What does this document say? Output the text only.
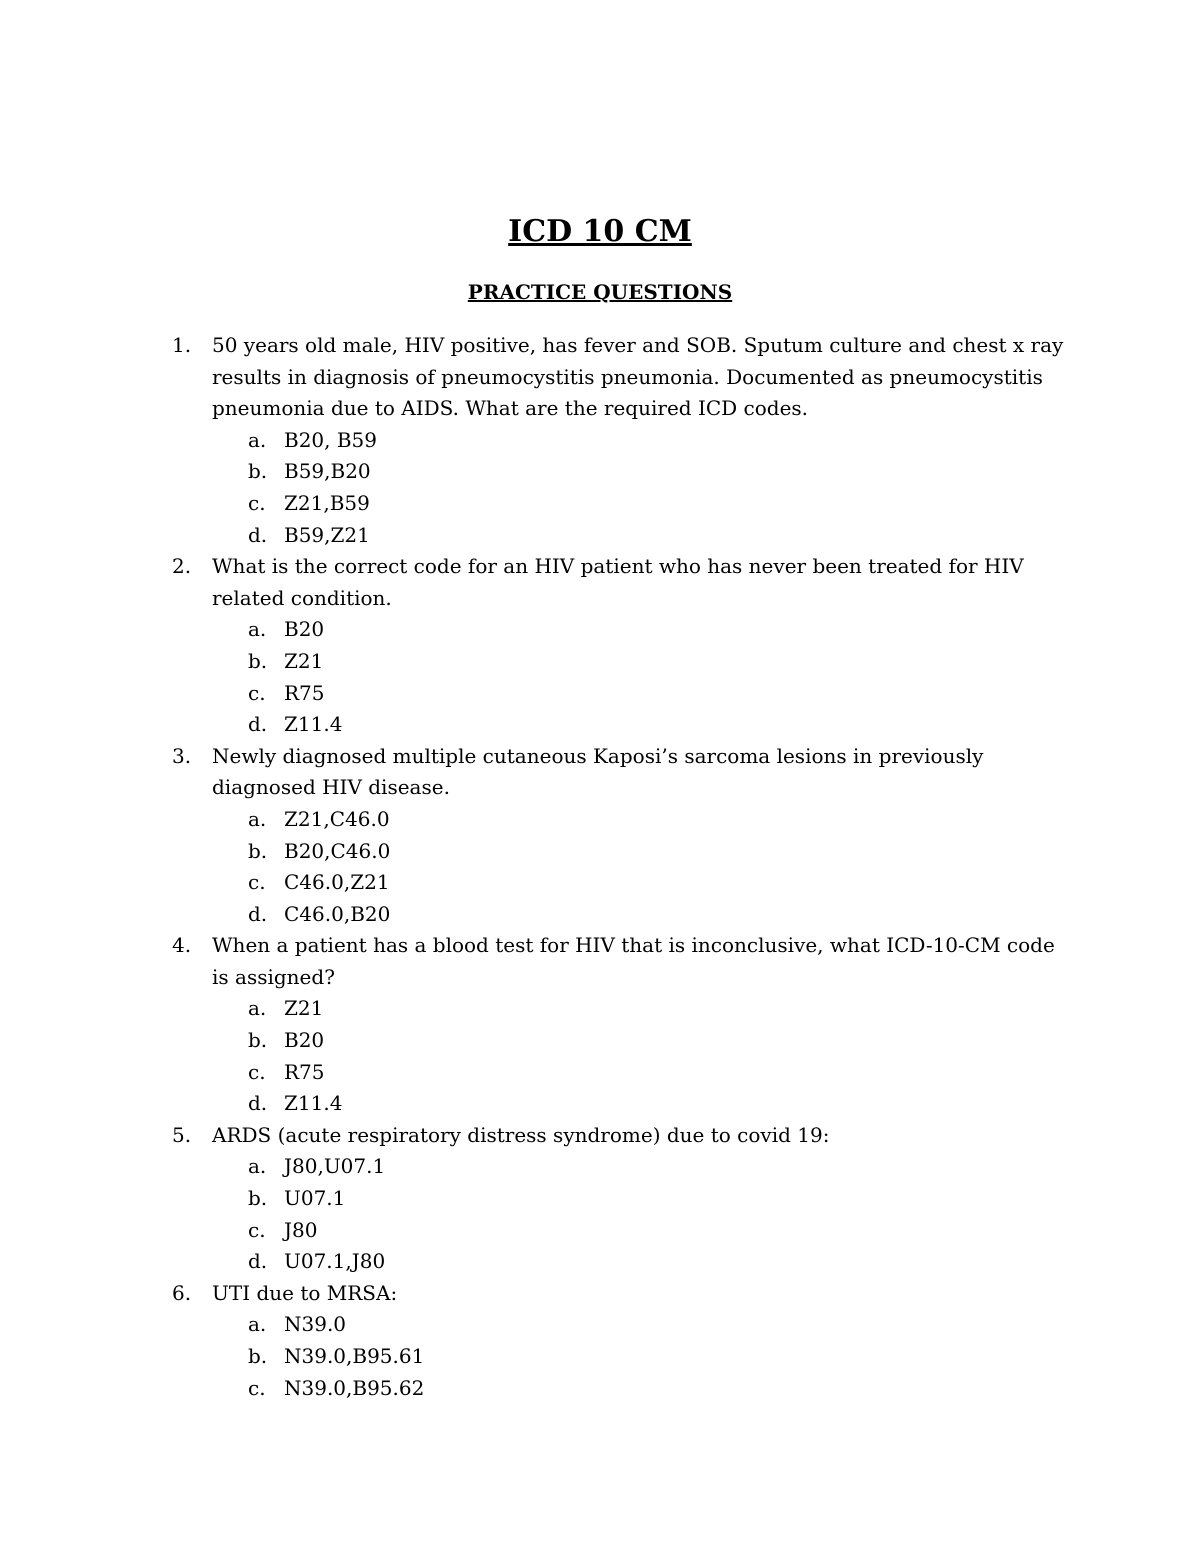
ICD 10 CM
PRACTICE QUESTIONS
1. 50 years old male, HIV positive, has fever and SOB. Sputum culture and chest x ray results in diagnosis of pneumocystitis pneumonia. Documented as pneumocystitis pneumonia due to AIDS. What are the required ICD codes.
a. B20, B59
b. B59,B20
c. Z21,B59
d. B59,Z21
2. What is the correct code for an HIV patient who has never been treated for HIV related condition.
a. B20
b. Z21
c. R75
d. Z11.4
3. Newly diagnosed multiple cutaneous Kaposi’s sarcoma lesions in previously diagnosed HIV disease.
a. Z21,C46.0
b. B20,C46.0
c. C46.0,Z21
d. C46.0,B20
4. When a patient has a blood test for HIV that is inconclusive, what ICD-10-CM code is assigned?
a. Z21
b. B20
c. R75
d. Z11.4
5. ARDS (acute respiratory distress syndrome) due to covid 19:
a. J80,U07.1
b. U07.1
c. J80
d. U07.1,J80
6. UTI due to MRSA:
a. N39.0
b. N39.0,B95.61
c. N39.0,B95.62
